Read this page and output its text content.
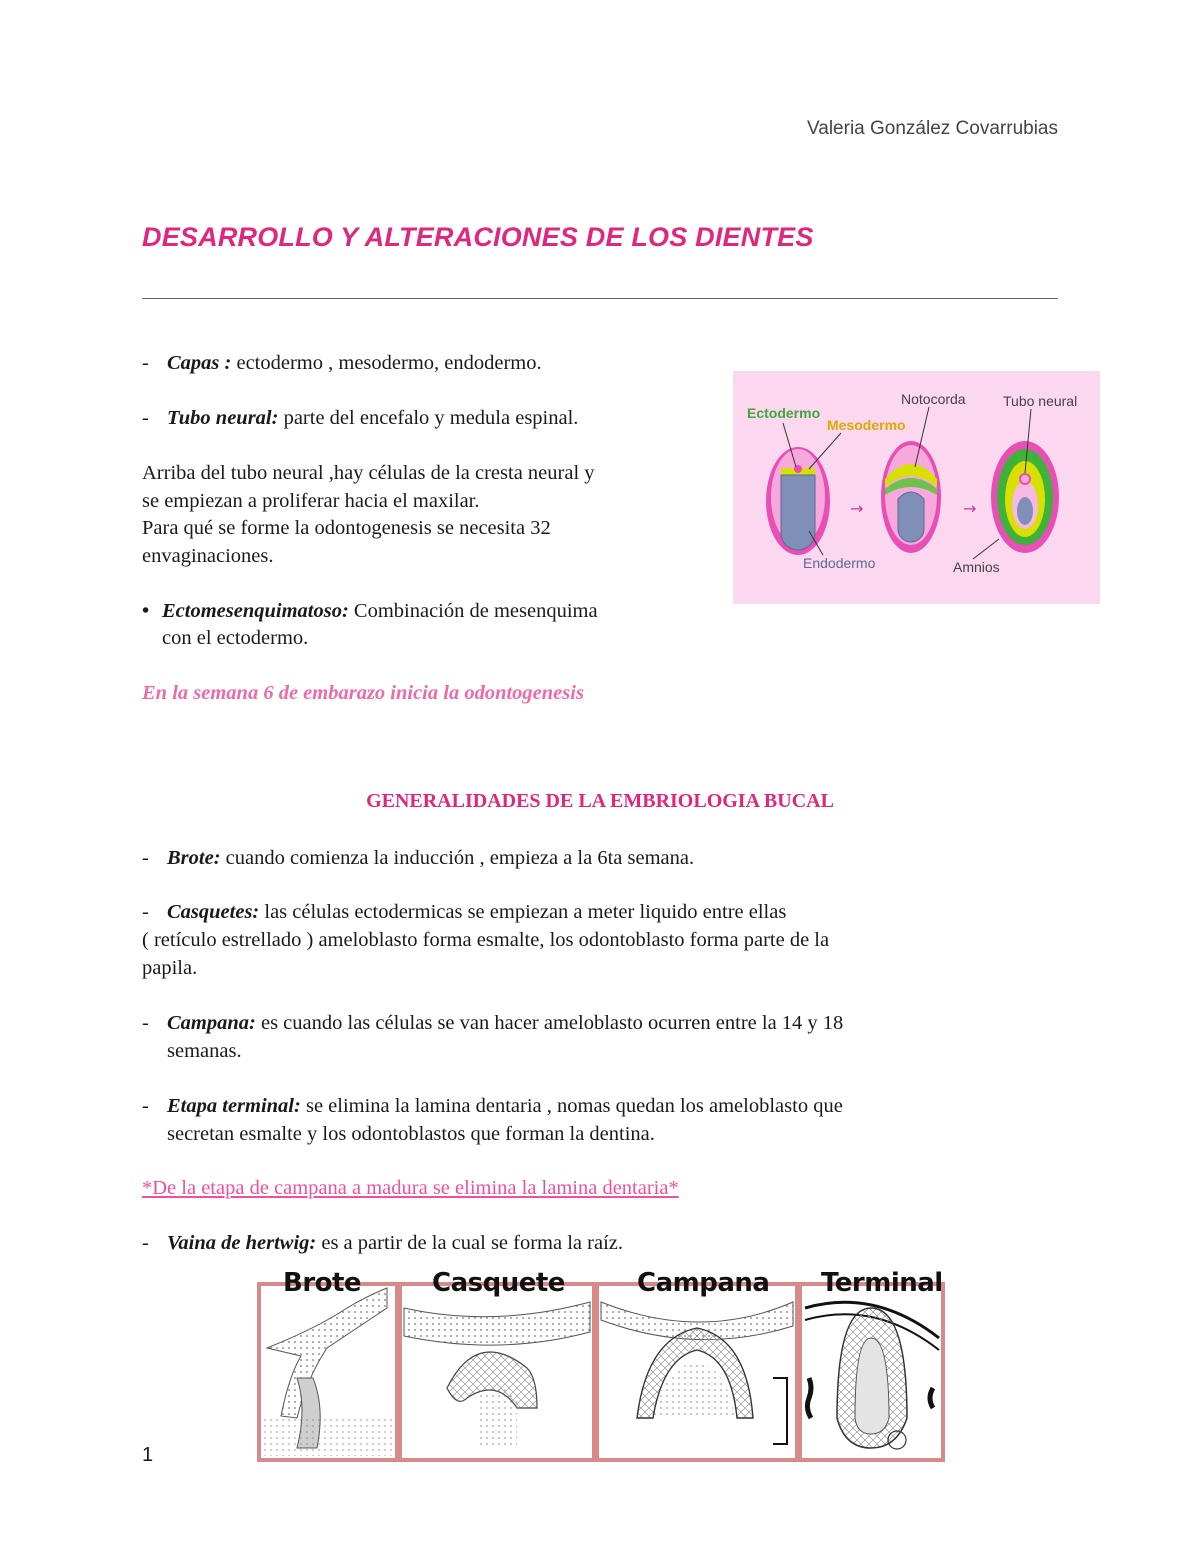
Valeria González Covarrubias
DESARROLLO Y ALTERACIONES DE LOS DIENTES
- Capas : ectodermo , mesodermo, endodermo.
- Tubo neural: parte del encefalo y medula espinal.
Arriba del tubo neural ,hay células de la cresta neural y
se empiezan a proliferar hacia el maxilar.
Para qué se forme la odontogenesis se necesita 32
envaginaciones.
• Ectomesenquimatoso: Combinación de mesenquima
con el ectodermo.
En la semana 6 de embarazo inicia la odontogenesis
→	→
Ectodermo
Mesodermo
Notocorda	Tubo neural
Endodermo	Amnios
GENERALIDADES DE LA EMBRIOLOGIA BUCAL
- Brote: cuando comienza la inducción , empieza a la 6ta semana.
- Casquetes: las células ectodermicas se empiezan a meter liquido entre ellas
( retículo estrellado ) ameloblasto forma esmalte, los odontoblasto forma parte de la
papila.
- Campana: es cuando las células se van hacer ameloblasto ocurren entre la 14 y 18
semanas.
- Etapa terminal: se elimina la lamina dentaria , nomas quedan los ameloblasto que
secretan esmalte y los odontoblastos que forman la dentina.
*De la etapa de campana a madura se elimina la lamina dentaria*
- Vaina de hertwig: es a partir de la cual se forma la raíz.
Brote	Casquete	Campana Terminal
1
